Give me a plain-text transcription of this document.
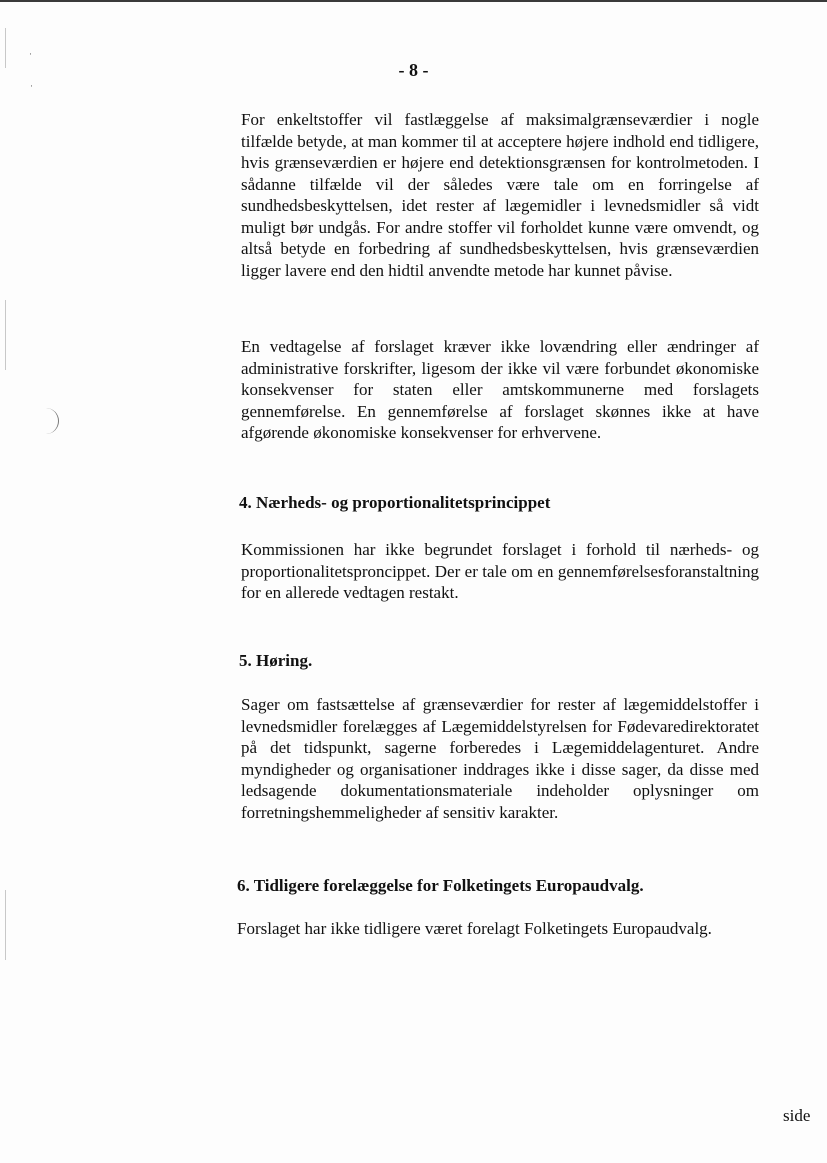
·
·
- 8 -

For enkeltstoffer vil fastlæggelse af maksimalgrænseværdier i nogle tilfælde betyde, at man kommer til at acceptere højere indhold end tidligere, hvis grænseværdien er højere end detektionsgrænsen for kontrolmetoden. I sådanne tilfælde vil der således være tale om en forringelse af sundhedsbeskyttelsen, idet rester af lægemidler i levnedsmidler så vidt muligt bør undgås. For andre stoffer vil forholdet kunne være omvendt, og altså betyde en forbedring af sundhedsbeskyttelsen, hvis grænseværdien ligger lavere end den hidtil anvendte metode har kunnet påvise.

En vedtagelse af forslaget kræver ikke lovændring eller ændringer af administrative forskrifter, ligesom der ikke vil være forbundet økonomiske konsekvenser for staten eller amtskommunerne med forslagets gennemførelse. En gennemførelse af forslaget skønnes ikke at have afgørende økonomiske konsekvenser for erhvervene.

4. Nærheds- og proportionalitetsprincippet

Kommissionen har ikke begrundet forslaget i forhold til nærheds- og proportionalitetsproncippet. Der er tale om en gennemførelsesforanstaltning for en allerede vedtagen restakt.

5. Høring.

Sager om fastsættelse af grænseværdier for rester af lægemiddelstoffer i levnedsmidler forelægges af Lægemiddelstyrelsen for Fødevaredirektoratet på det tidspunkt, sagerne forberedes i Lægemiddelagenturet. Andre myndigheder og organisationer inddrages ikke i disse sager, da disse med ledsagende dokumentationsmateriale indeholder oplysninger om forretningshemmeligheder af sensitiv karakter.

6. Tidligere forelæggelse for Folketingets Europaudvalg.

Forslaget har ikke tidligere været forelagt Folketingets Europaudvalg.

side
